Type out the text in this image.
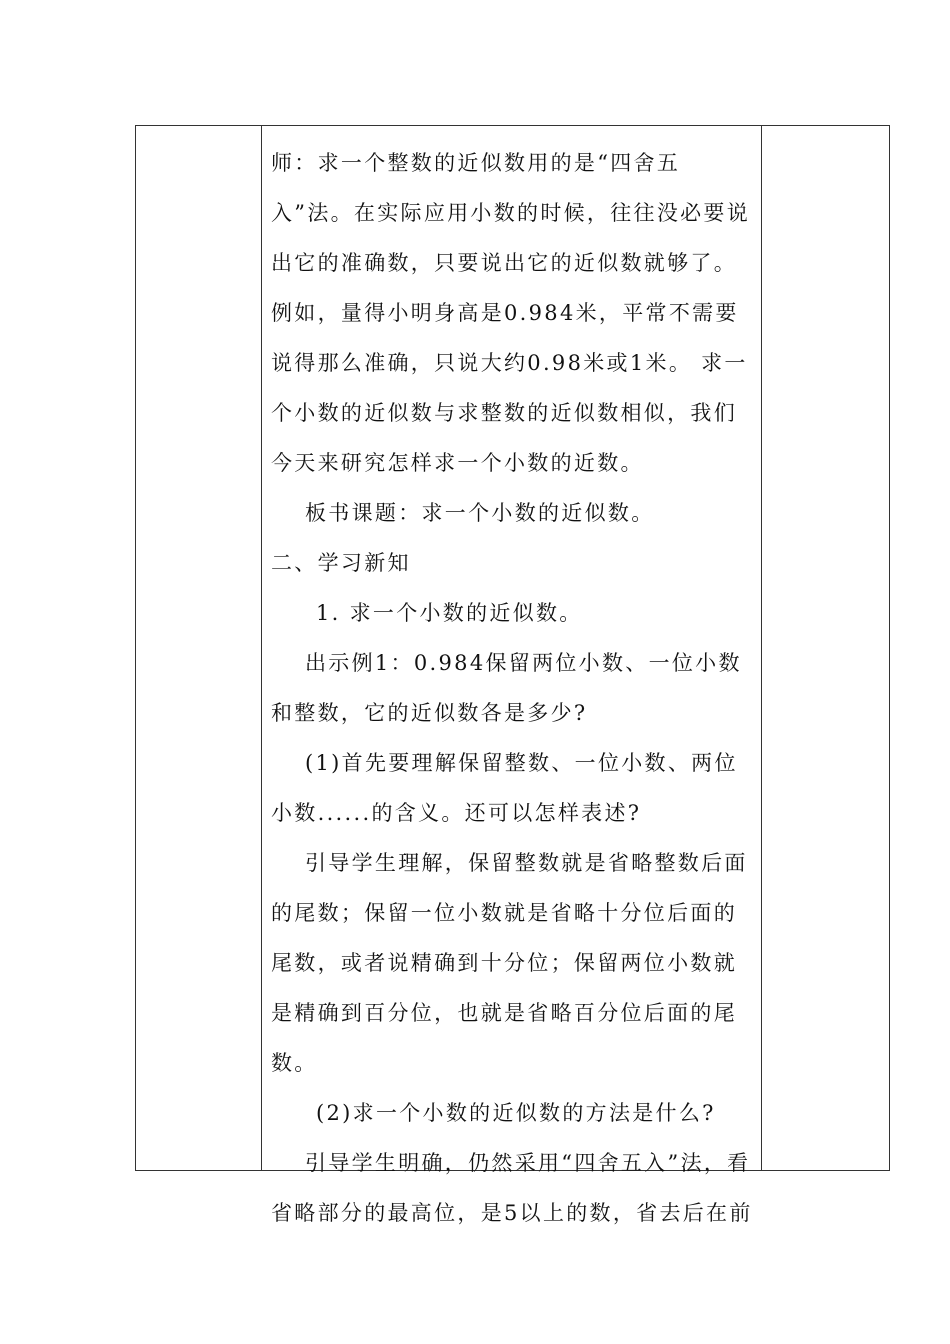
师：求一个整数的近似数用的是“四舍五入”法。在实际应用小数的时候，往往没必要说出它的准确数，只要说出它的近似数就够了。例如，量得小明身高是0.984米，平常不需要说得那么准确，只说大约0.98米或1米。 求一个小数的近似数与求整数的近似数相似，我们今天来研究怎样求一个小数的近数。

板书课题：求一个小数的近似数。

二、学习新知

1. 求一个小数的近似数。

出示例1：0.984保留两位小数、一位小数和整数，它的近似数各是多少?

(1)首先要理解保留整数、一位小数、两位小数......的含义。还可以怎样表述?

引导学生理解，保留整数就是省略整数后面的尾数；保留一位小数就是省略十分位后面的尾数，或者说精确到十分位；保留两位小数就是精确到百分位，也就是省略百分位后面的尾数。

(2)求一个小数的近似数的方法是什么?

引导学生明确，仍然采用“四舍五入”法，看省略部分的最高位，是5以上的数，省去后在前
